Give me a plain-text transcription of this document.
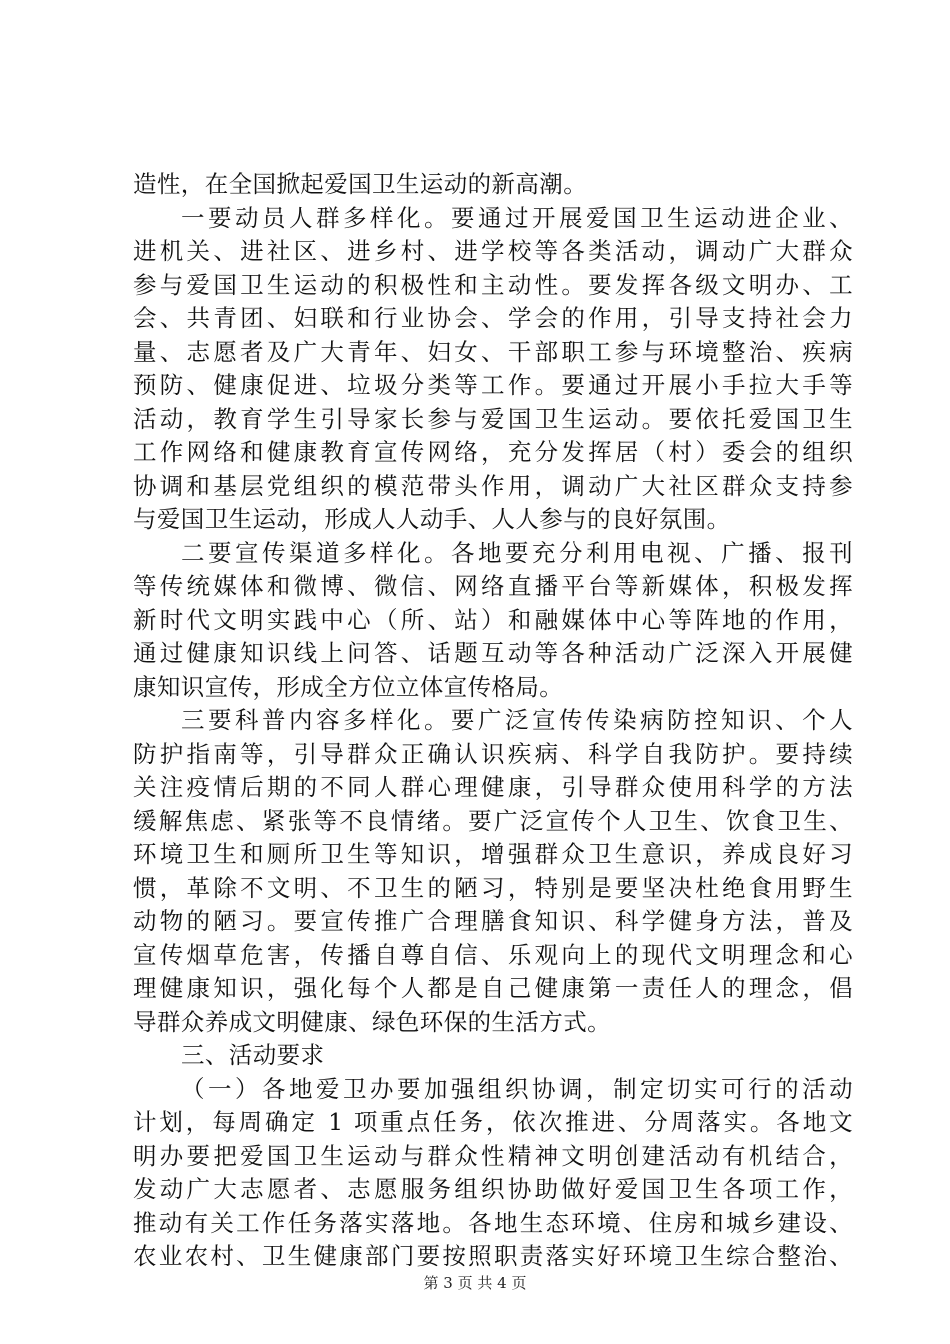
造性，在全国掀起爱国卫生运动的新高潮。
一要动员人群多样化。要通过开展爱国卫生运动进企业、
进机关、进社区、进乡村、进学校等各类活动，调动广大群众
参与爱国卫生运动的积极性和主动性。要发挥各级文明办、工
会、共青团、妇联和行业协会、学会的作用，引导支持社会力
量、志愿者及广大青年、妇女、干部职工参与环境整治、疾病
预防、健康促进、垃圾分类等工作。要通过开展小手拉大手等
活动，教育学生引导家长参与爱国卫生运动。要依托爱国卫生
工作网络和健康教育宣传网络，充分发挥居（村）委会的组织
协调和基层党组织的模范带头作用，调动广大社区群众支持参
与爱国卫生运动，形成人人动手、人人参与的良好氛围。
二要宣传渠道多样化。各地要充分利用电视、广播、报刊
等传统媒体和微博、微信、网络直播平台等新媒体，积极发挥
新时代文明实践中心（所、站）和融媒体中心等阵地的作用，
通过健康知识线上问答、话题互动等各种活动广泛深入开展健
康知识宣传，形成全方位立体宣传格局。
三要科普内容多样化。要广泛宣传传染病防控知识、个人
防护指南等，引导群众正确认识疾病、科学自我防护。要持续
关注疫情后期的不同人群心理健康，引导群众使用科学的方法
缓解焦虑、紧张等不良情绪。要广泛宣传个人卫生、饮食卫生、
环境卫生和厕所卫生等知识，增强群众卫生意识，养成良好习
惯，革除不文明、不卫生的陋习，特别是要坚决杜绝食用野生
动物的陋习。要宣传推广合理膳食知识、科学健身方法，普及
宣传烟草危害，传播自尊自信、乐观向上的现代文明理念和心
理健康知识，强化每个人都是自己健康第一责任人的理念，倡
导群众养成文明健康、绿色环保的生活方式。
三、活动要求
（一）各地爱卫办要加强组织协调，制定切实可行的活动
计划，每周确定 1 项重点任务，依次推进、分周落实。各地文
明办要把爱国卫生运动与群众性精神文明创建活动有机结合，
发动广大志愿者、志愿服务组织协助做好爱国卫生各项工作，
推动有关工作任务落实落地。各地生态环境、住房和城乡建设、
农业农村、卫生健康部门要按照职责落实好环境卫生综合整治、
第 3 页 共 4 页
